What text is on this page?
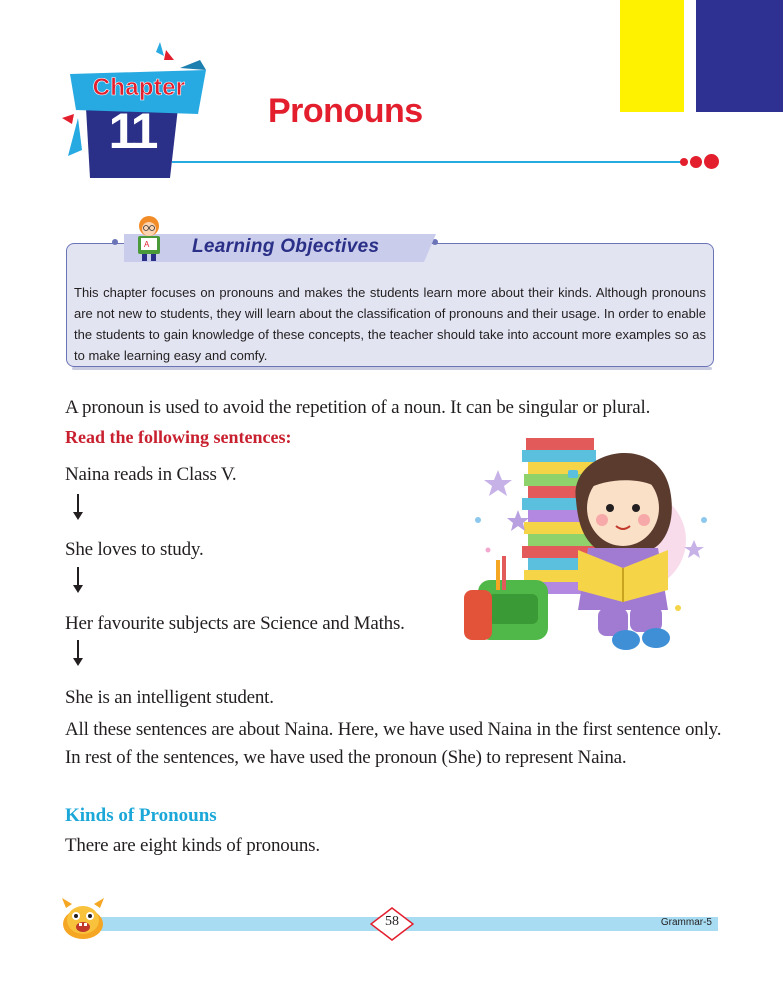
Chapter
11	Pronouns
A Learning Objectives
This chapter focuses on pronouns and makes the students learn more about their kinds. Although pronouns are not new to students, they will learn about the classification of pronouns and their usage. In order to enable the students to gain knowledge of these concepts, the teacher should take into account more examples so as to make learning easy and comfy.
A pronoun is used to avoid the repetition of a noun. It can be singular or plural.
Read the following sentences:
Naina reads in Class V.
She loves to study.
Her favourite subjects are Science and Maths.
She is an intelligent student.
All these sentences are about Naina. Here, we have used Naina in the first sentence only. In rest of the sentences, we have used the pronoun (She) to represent Naina.
Kinds of Pronouns
There are eight kinds of pronouns.
58	Grammar-5
